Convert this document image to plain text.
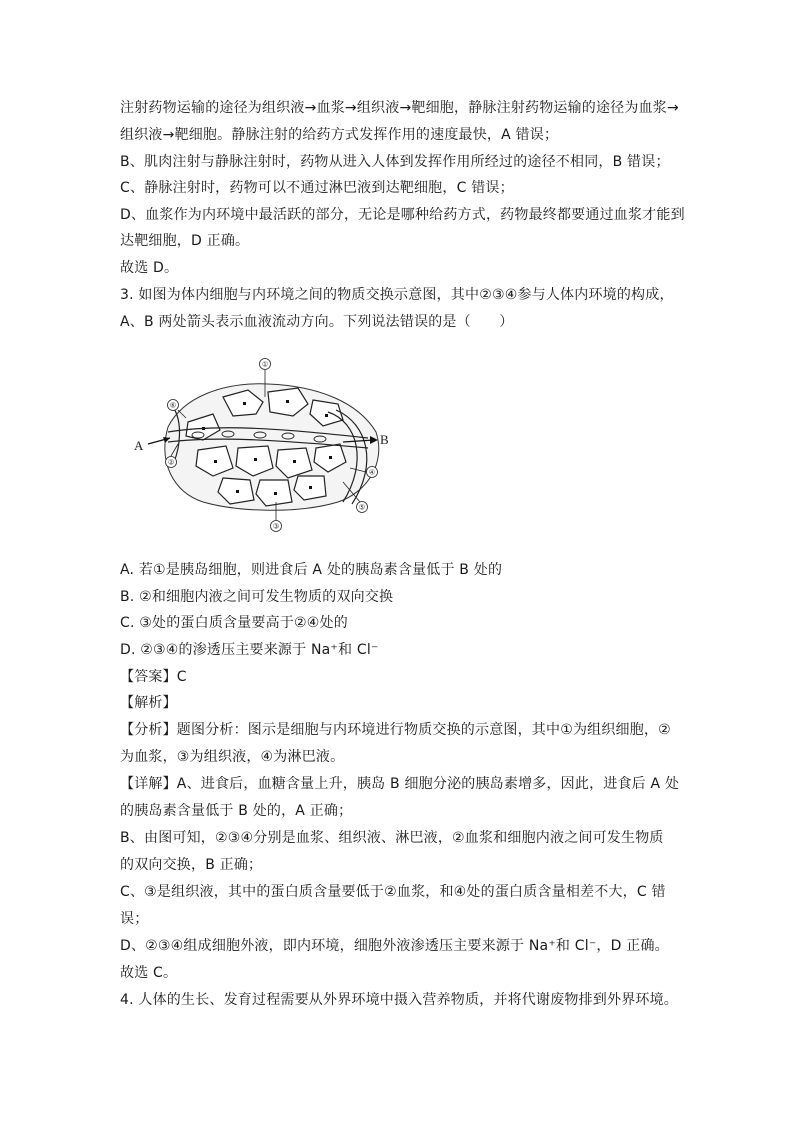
注射药物运输的途径为组织液→血浆→组织液→靶细胞，静脉注射药物运输的途径为血浆→
组织液→靶细胞。静脉注射的给药方式发挥作用的速度最快，A 错误；
B、肌肉注射与静脉注射时，药物从进入人体到发挥作用所经过的途径不相同，B 错误；
C、静脉注射时，药物可以不通过淋巴液到达靶细胞，C 错误；
D、血浆作为内环境中最活跃的部分，无论是哪种给药方式，药物最终都要通过血浆才能到
达靶细胞，D 正确。
故选 D。
3. 如图为体内细胞与内环境之间的物质交换示意图，其中②③④参与人体内环境的构成，
A、B 两处箭头表示血液流动方向。下列说法错误的是（　　）
A	B
①
②
③
④
⑤
⑥
A. 若①是胰岛细胞，则进食后 A 处的胰岛素含量低于 B 处的
B. ②和细胞内液之间可发生物质的双向交换
C. ③处的蛋白质含量要高于②④处的
D. ②③④的渗透压主要来源于 Na⁺和 Cl⁻
【答案】C
【解析】
【分析】题图分析：图示是细胞与内环境进行物质交换的示意图，其中①为组织细胞，②
为血浆，③为组织液，④为淋巴液。
【详解】A、进食后，血糖含量上升，胰岛 B 细胞分泌的胰岛素增多，因此，进食后 A 处
的胰岛素含量低于 B 处的，A 正确；
B、由图可知，②③④分别是血浆、组织液、淋巴液，②血浆和细胞内液之间可发生物质
的双向交换，B 正确；
C、③是组织液，其中的蛋白质含量要低于②血浆，和④处的蛋白质含量相差不大，C 错
误；
D、②③④组成细胞外液，即内环境，细胞外液渗透压主要来源于 Na⁺和 Cl⁻，D 正确。
故选 C。
4. 人体的生长、发育过程需要从外界环境中摄入营养物质，并将代谢废物排到外界环境。
